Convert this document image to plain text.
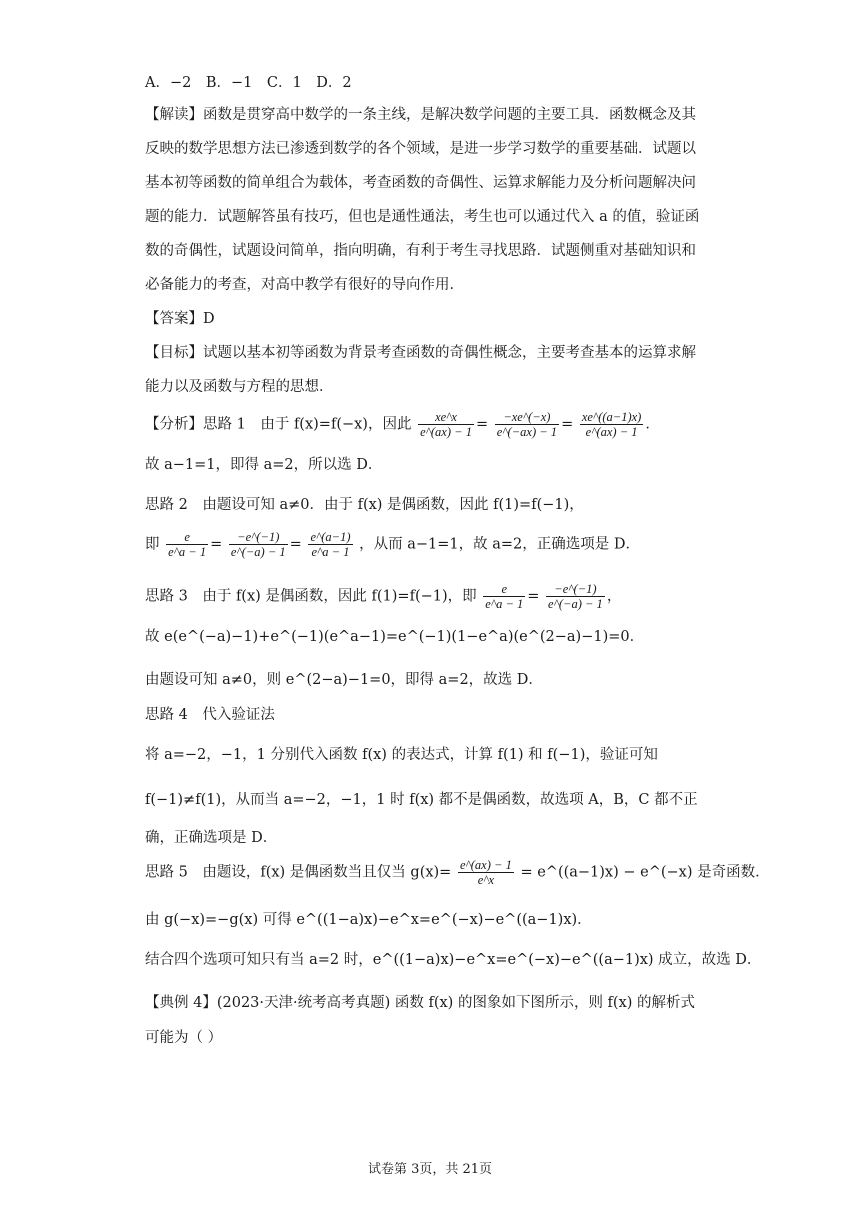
A．−2　B．−1　C．1　D．2
【解读】函数是贯穿高中数学的一条主线，是解决数学问题的主要工具．函数概念及其
反映的数学思想方法已渗透到数学的各个领域，是进一步学习数学的重要基础．试题以
基本初等函数的简单组合为载体，考查函数的奇偶性、运算求解能力及分析问题解决问
题的能力．试题解答虽有技巧，但也是通性通法，考生也可以通过代入 a 的值，验证函
数的奇偶性，试题设问简单，指向明确，有利于考生寻找思路．试题侧重对基础知识和
必备能力的考查，对高中教学有很好的导向作用．
【答案】D
【目标】试题以基本初等函数为背景考查函数的奇偶性概念，主要考查基本的运算求解
能力以及函数与方程的思想．
【分析】思路 1　由于 f(x)=f(−x)，因此 $\frac{xe\^{}x}{e\^{}(ax) - 1} = \frac{-xe\^{}(-x)}{e\^{}(-ax) - 1} = \frac{xe\^{}((a-1)x)}{e\^{}(ax) - 1}$ ．
故 a−1=1，即得 a=2，所以选 D．
思路 2　由题设可知 a≠0．由于 f(x) 是偶函数，因此 f(1)=f(−1)，
即 $\frac{e}{e\^{}a - 1} = \frac{-e\^{}(-1)}{e\^{}(-a) - 1} = \frac{e\^{}(a-1)}{e\^{}a - 1}$ ，从而 a−1=1，故 a=2，正确选项是 D．
思路 3　由于 f(x) 是偶函数，因此 f(1)=f(−1)，即 $\frac{e}{e\^{}a - 1} = \frac{-e\^{}(-1)}{e\^{}(-a) - 1}$ ，
故 e(e^(−a)−1)+e^(−1)(e^a−1)=e^(−1)(1−e^a)(e^(2−a)−1)=0．
由题设可知 a≠0，则 e^(2−a)−1=0，即得 a=2，故选 D．
思路 4　代入验证法
将 a=−2，−1，1 分别代入函数 f(x) 的表达式，计算 f(1) 和 f(−1)，验证可知
f(−1)≠f(1)，从而当 a=−2，−1，1 时 f(x) 都不是偶函数，故选项 A，B，C 都不正
确，正确选项是 D．
思路 5　由题设，f(x) 是偶函数当且仅当 $g(x)= \frac{e\^{}(ax) - 1}{e\^{}x}$ = e^((a−1)x) − e^(−x) 是奇函数．
由 g(−x)=−g(x) 可得 e^((1−a)x)−e^x=e^(−x)−e^((a−1)x)．
结合四个选项可知只有当 a=2 时，e^((1−a)x)−e^x=e^(−x)−e^((a−1)x) 成立，故选 D．
【典例 4】(2023·天津·统考高考真题) 函数 f(x) 的图象如下图所示，则 f(x) 的解析式
可能为（ ）
试卷第 3页，共 21页
